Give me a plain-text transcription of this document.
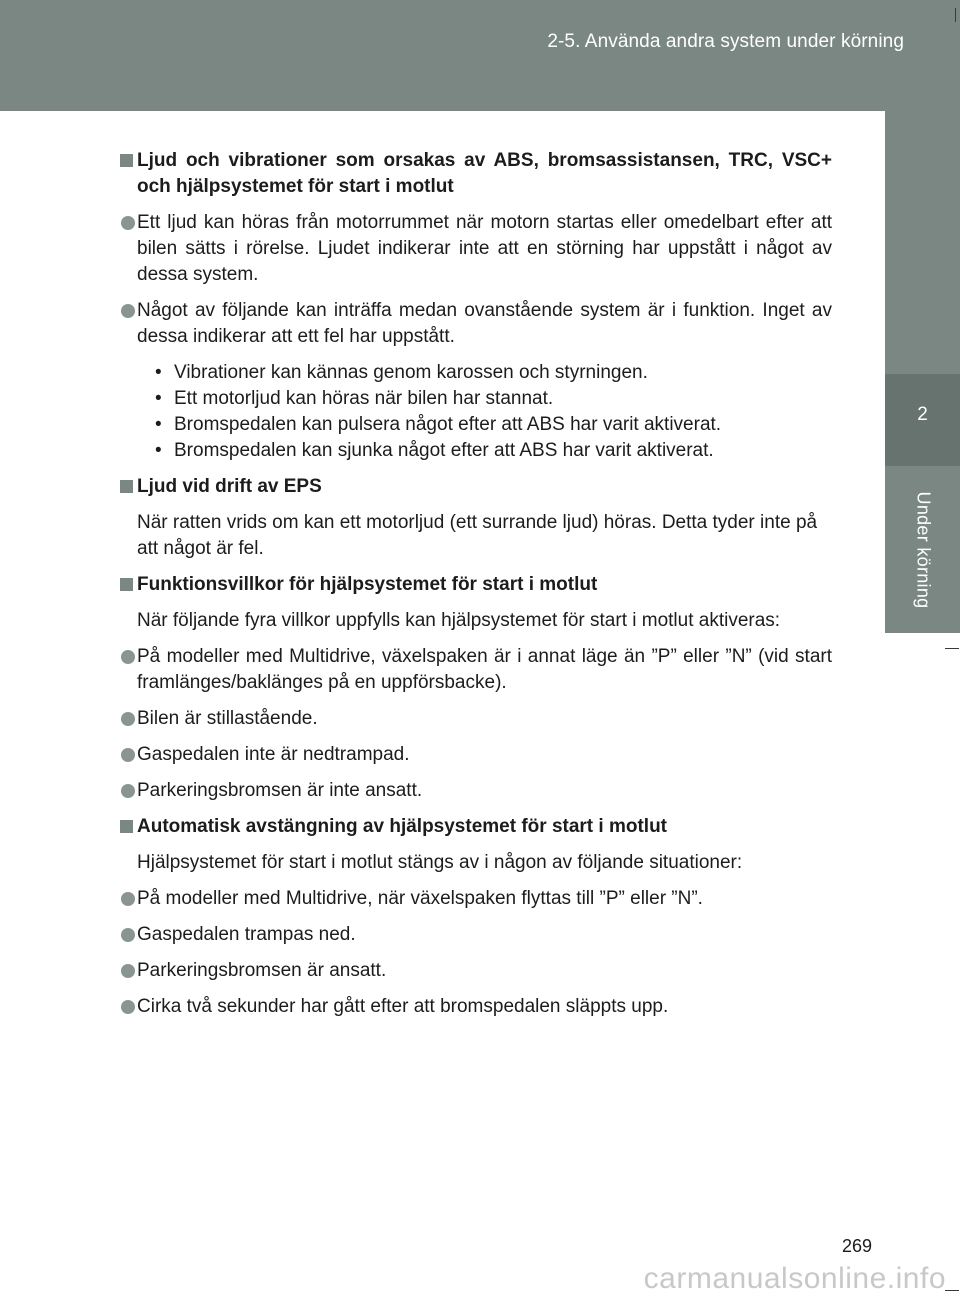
2-5. Använda andra system under körning
2
Under körning
Ljud och vibrationer som orsakas av ABS, bromsassistansen, TRC, VSC+ och hjälpsystemet för start i motlut
Ett ljud kan höras från motorrummet när motorn startas eller omedelbart efter att bilen sätts i rörelse. Ljudet indikerar inte att en störning har uppstått i något av dessa system.
Något av följande kan inträffa medan ovanstående system är i funktion. Inget av dessa indikerar att ett fel har uppstått.
• Vibrationer kan kännas genom karossen och styrningen.
• Ett motorljud kan höras när bilen har stannat.
• Bromspedalen kan pulsera något efter att ABS har varit aktiverat.
• Bromspedalen kan sjunka något efter att ABS har varit aktiverat.
Ljud vid drift av EPS
När ratten vrids om kan ett motorljud (ett surrande ljud) höras. Detta tyder inte på att något är fel.
Funktionsvillkor för hjälpsystemet för start i motlut
När följande fyra villkor uppfylls kan hjälpsystemet för start i motlut aktiveras:
På modeller med Multidrive, växelspaken är i annat läge än ”P” eller ”N” (vid start framlänges/baklänges på en uppförsbacke).
Bilen är stillastående.
Gaspedalen inte är nedtrampad.
Parkeringsbromsen är inte ansatt.
Automatisk avstängning av hjälpsystemet för start i motlut
Hjälpsystemet för start i motlut stängs av i någon av följande situationer:
På modeller med Multidrive, när växelspaken flyttas till ”P” eller ”N”.
Gaspedalen trampas ned.
Parkeringsbromsen är ansatt.
Cirka två sekunder har gått efter att bromspedalen släppts upp.
269
carmanualsonline.info
